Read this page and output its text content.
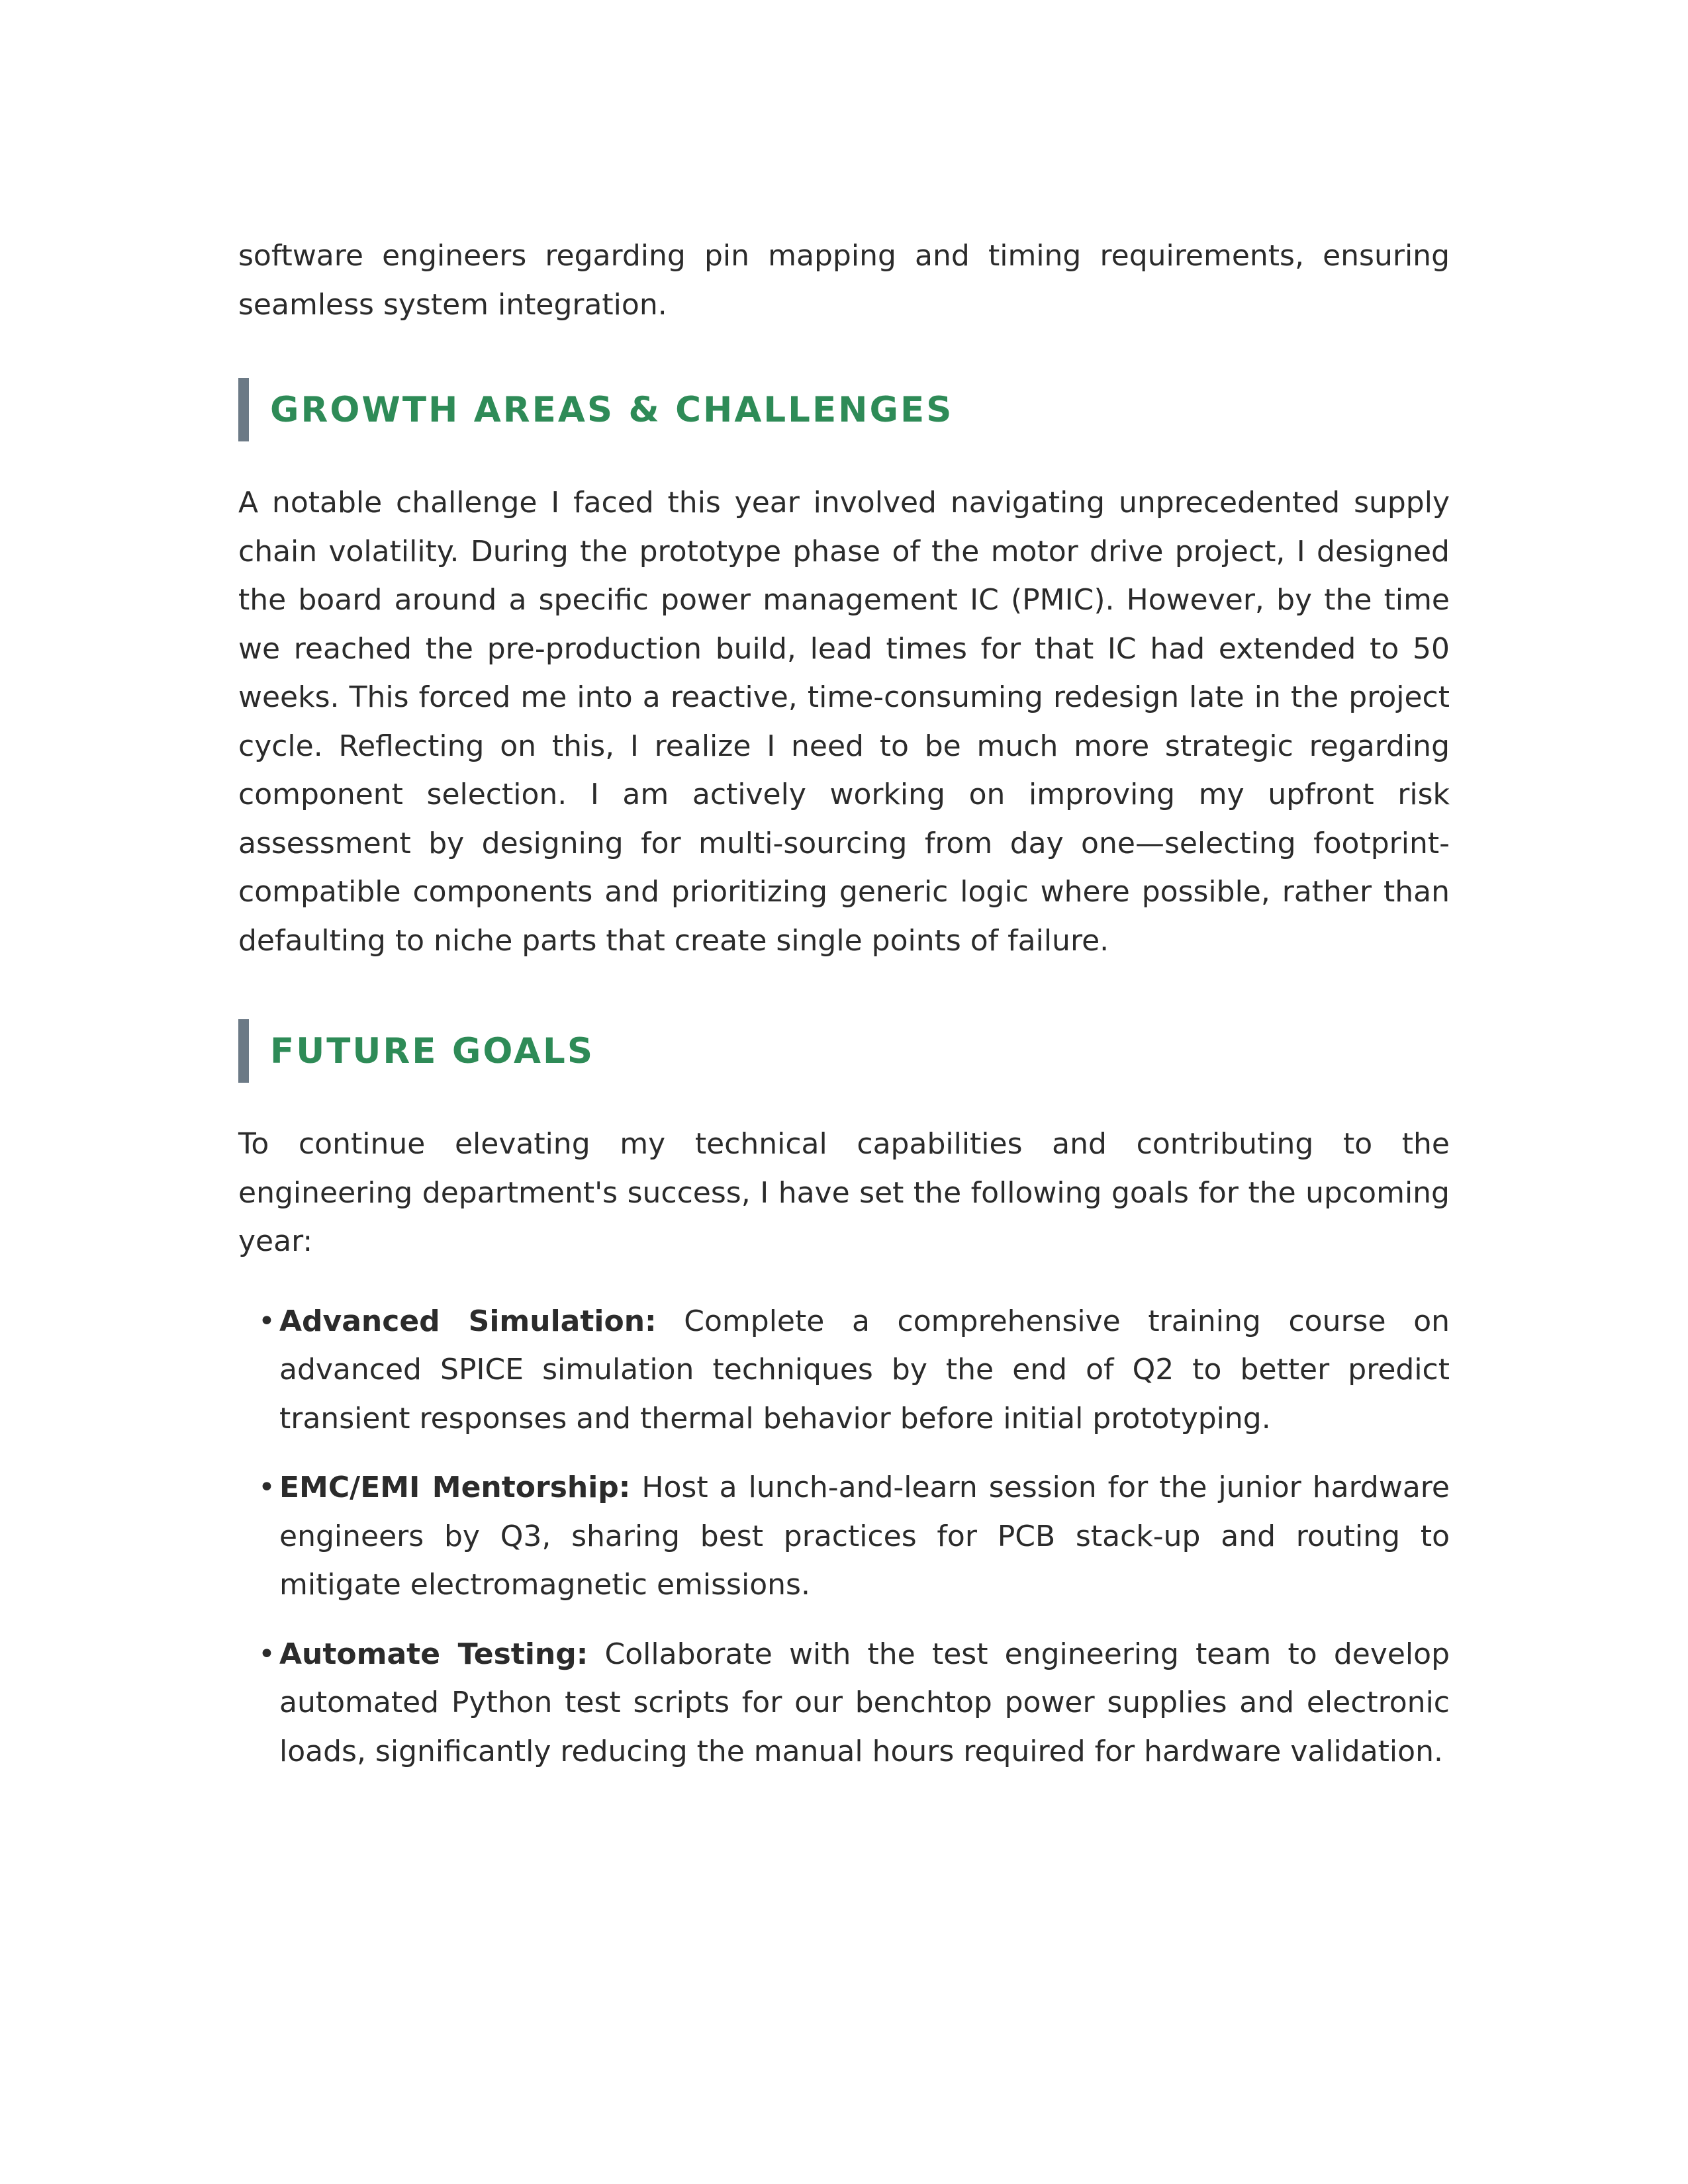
software engineers regarding pin mapping and timing requirements, ensuring seamless system integration.

GROWTH AREAS & CHALLENGES

A notable challenge I faced this year involved navigating unprecedented supply chain volatility. During the prototype phase of the motor drive project, I designed the board around a specific power management IC (PMIC). However, by the time we reached the pre-production build, lead times for that IC had extended to 50 weeks. This forced me into a reactive, time-consuming redesign late in the project cycle. Reflecting on this, I realize I need to be much more strategic regarding component selection. I am actively working on improving my upfront risk assessment by designing for multi-sourcing from day one—selecting footprint-compatible components and prioritizing generic logic where possible, rather than defaulting to niche parts that create single points of failure.

FUTURE GOALS

To continue elevating my technical capabilities and contributing to the engineering department's success, I have set the following goals for the upcoming year:

• Advanced Simulation: Complete a comprehensive training course on advanced SPICE simulation techniques by the end of Q2 to better predict transient responses and thermal behavior before initial prototyping.
• EMC/EMI Mentorship: Host a lunch-and-learn session for the junior hardware engineers by Q3, sharing best practices for PCB stack-up and routing to mitigate electromagnetic emissions.
• Automate Testing: Collaborate with the test engineering team to develop automated Python test scripts for our benchtop power supplies and electronic loads, significantly reducing the manual hours required for hardware validation.
